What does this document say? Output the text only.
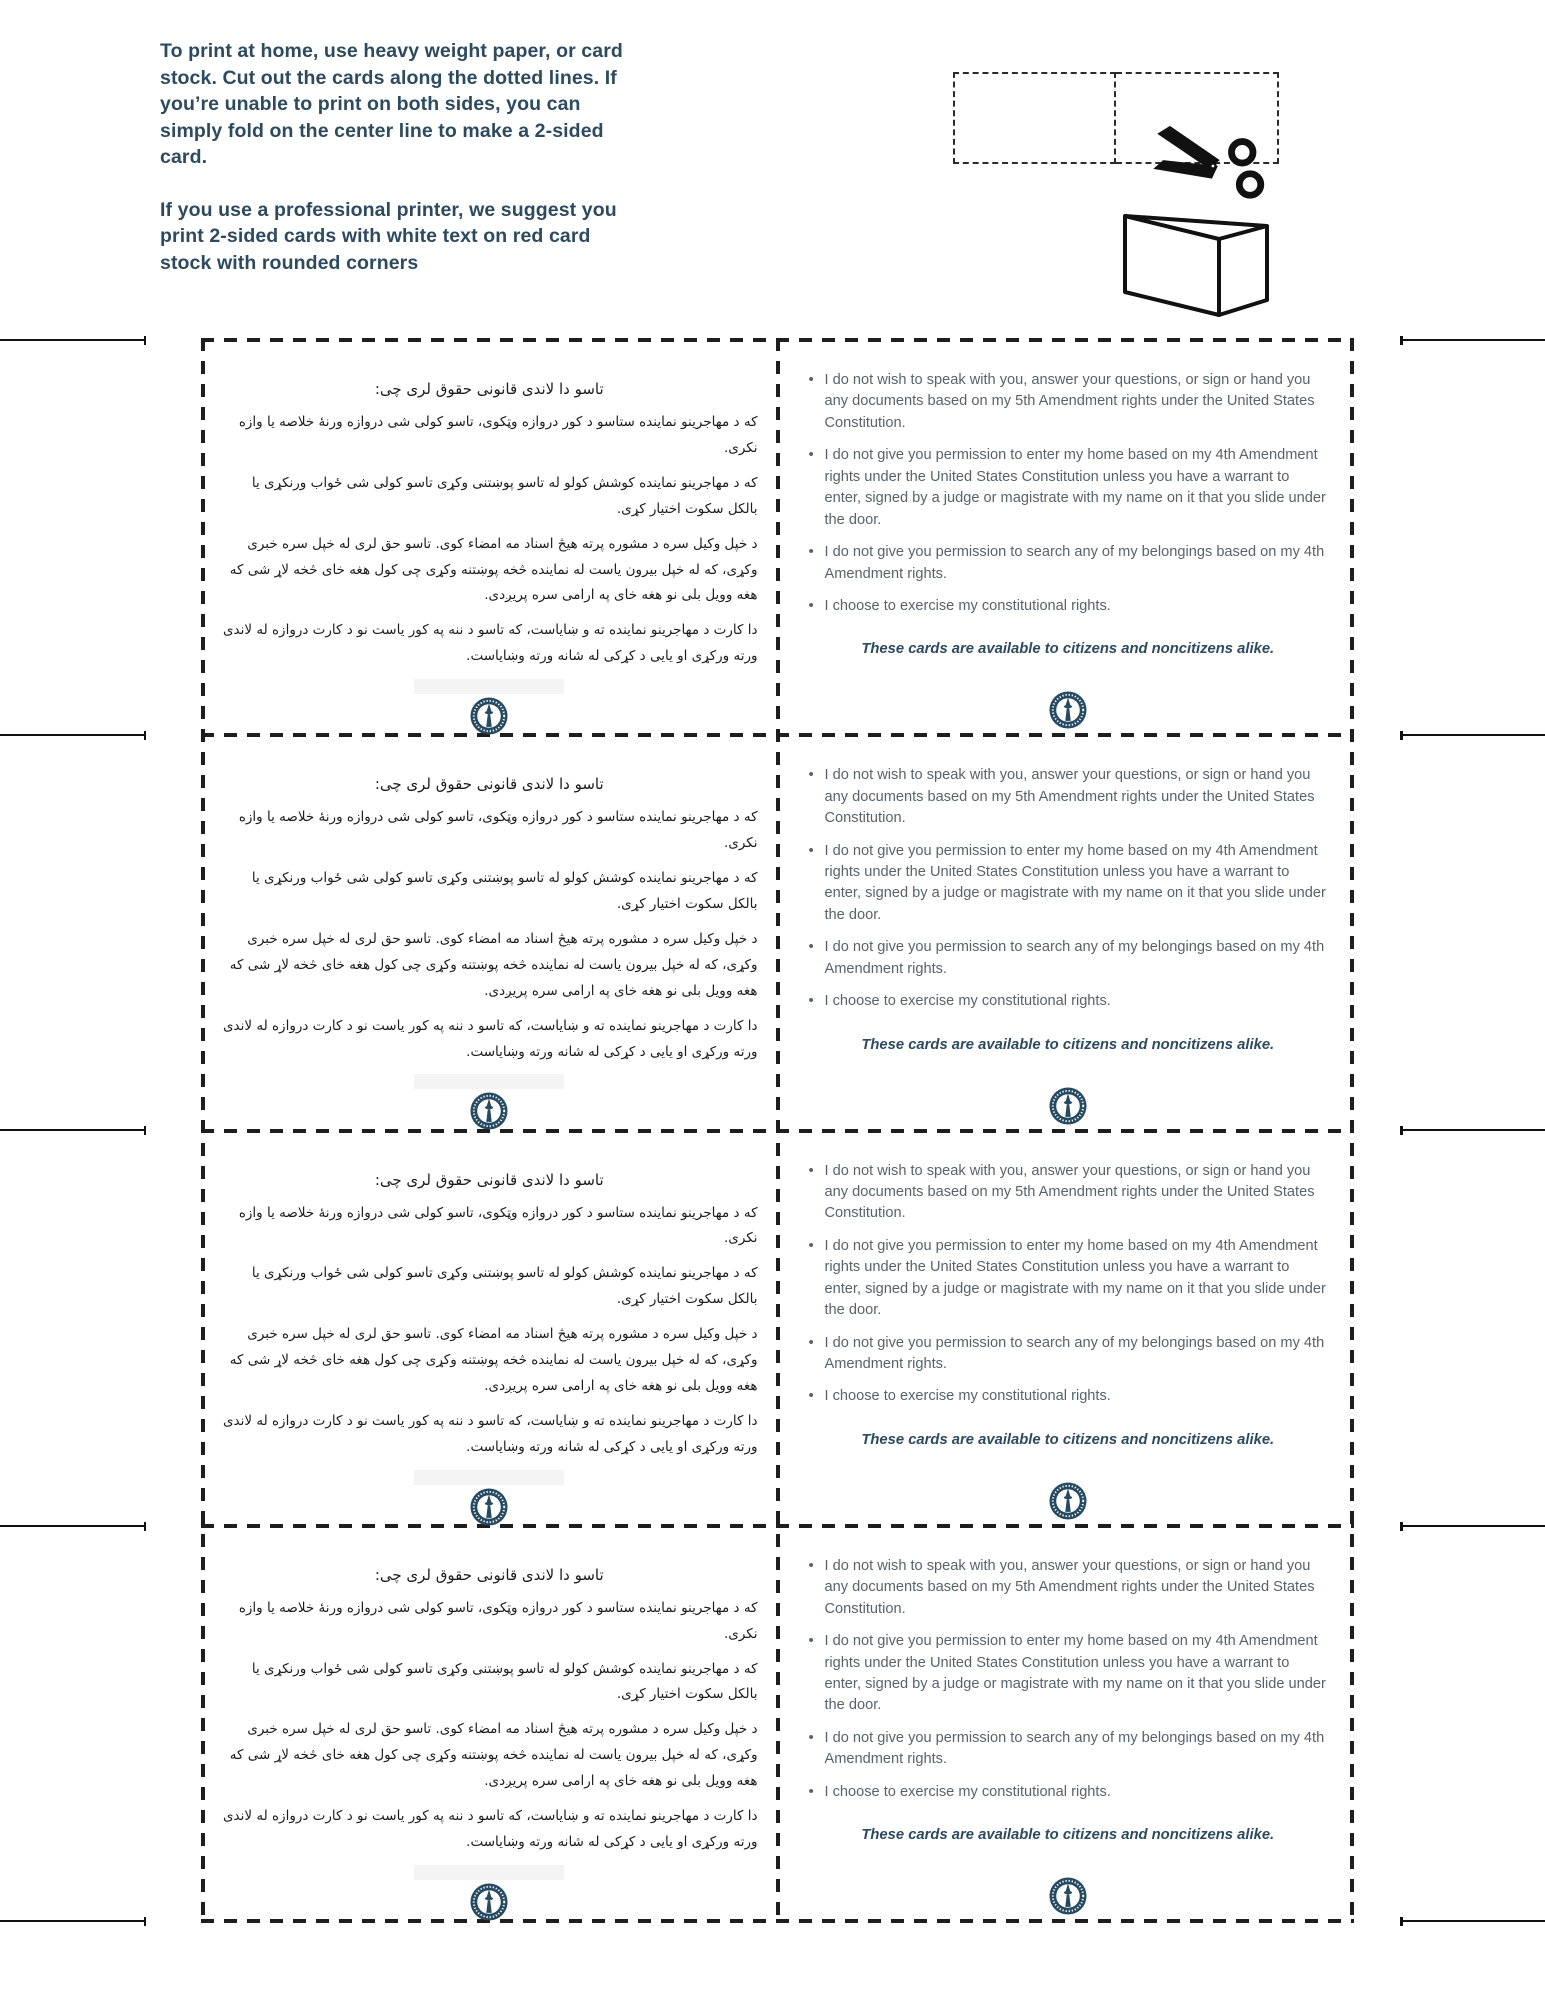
To print at home, use heavy weight paper, or card stock. Cut out the cards along the dotted lines. If you’re unable to print on both sides, you can simply fold on the center line to make a 2-sided card.

If you use a professional printer, we suggest you print 2-sided cards with white text on red card stock with rounded corners

تاسو دا لاندی قانونی حقوق لری چی:

که د مهاجرینو نماینده ستاسو د کور دروازه وټکوی، تاسو کولی شی دروازه ورنۀ خلاصه یا وازه نکری.

که د مهاجرینو نماینده کوشش کولو له تاسو پوښتنی وکړی تاسو کولی شی ځواب ورنکړی یا بالکل سکوت اختیار کړی.

د خپل وکیل سره د مشوره پرته هیڅ اسناد مه امضاء کوی. تاسو حق لری له خپل سره خبری وکړی، که له خپل بیرون یاست له نماینده څخه پوښتنه وکړی چی کول هغه خای څخه لاړ شی که هغه وویل بلی نو هغه خای په ارامی سره پریږدی.

دا کارت د مهاجرینو نماینده ته و ښایاست، که تاسو د ننه په کور یاست نو د کارت دروازه له لاندی ورته ورکړی او یایی د کړکی له شانه ورته وښایاست.

• I do not wish to speak with you, answer your questions, or sign or hand you any documents based on my 5th Amendment rights under the United States Constitution.
• I do not give you permission to enter my home based on my 4th Amendment rights under the United States Constitution unless you have a warrant to enter, signed by a judge or magistrate with my name on it that you slide under the door.
• I do not give you permission to search any of my belongings based on my 4th Amendment rights.
• I choose to exercise my constitutional rights.
These cards are available to citizens and noncitizens alike.
تاسو دا لاندی قانونی حقوق لری چی:

که د مهاجرینو نماینده ستاسو د کور دروازه وټکوی، تاسو کولی شی دروازه ورنۀ خلاصه یا وازه نکری.

که د مهاجرینو نماینده کوشش کولو له تاسو پوښتنی وکړی تاسو کولی شی ځواب ورنکړی یا بالکل سکوت اختیار کړی.

د خپل وکیل سره د مشوره پرته هیڅ اسناد مه امضاء کوی. تاسو حق لری له خپل سره خبری وکړی، که له خپل بیرون یاست له نماینده څخه پوښتنه وکړی چی کول هغه خای څخه لاړ شی که هغه وویل بلی نو هغه خای په ارامی سره پریږدی.

دا کارت د مهاجرینو نماینده ته و ښایاست، که تاسو د ننه په کور یاست نو د کارت دروازه له لاندی ورته ورکړی او یایی د کړکی له شانه ورته وښایاست.

• I do not wish to speak with you, answer your questions, or sign or hand you any documents based on my 5th Amendment rights under the United States Constitution.
• I do not give you permission to enter my home based on my 4th Amendment rights under the United States Constitution unless you have a warrant to enter, signed by a judge or magistrate with my name on it that you slide under the door.
• I do not give you permission to search any of my belongings based on my 4th Amendment rights.
• I choose to exercise my constitutional rights.
These cards are available to citizens and noncitizens alike.
تاسو دا لاندی قانونی حقوق لری چی:

که د مهاجرینو نماینده ستاسو د کور دروازه وټکوی، تاسو کولی شی دروازه ورنۀ خلاصه یا وازه نکری.

که د مهاجرینو نماینده کوشش کولو له تاسو پوښتنی وکړی تاسو کولی شی ځواب ورنکړی یا بالکل سکوت اختیار کړی.

د خپل وکیل سره د مشوره پرته هیڅ اسناد مه امضاء کوی. تاسو حق لری له خپل سره خبری وکړی، که له خپل بیرون یاست له نماینده څخه پوښتنه وکړی چی کول هغه خای څخه لاړ شی که هغه وویل بلی نو هغه خای په ارامی سره پریږدی.

دا کارت د مهاجرینو نماینده ته و ښایاست، که تاسو د ننه په کور یاست نو د کارت دروازه له لاندی ورته ورکړی او یایی د کړکی له شانه ورته وښایاست.

• I do not wish to speak with you, answer your questions, or sign or hand you any documents based on my 5th Amendment rights under the United States Constitution.
• I do not give you permission to enter my home based on my 4th Amendment rights under the United States Constitution unless you have a warrant to enter, signed by a judge or magistrate with my name on it that you slide under the door.
• I do not give you permission to search any of my belongings based on my 4th Amendment rights.
• I choose to exercise my constitutional rights.
These cards are available to citizens and noncitizens alike.
تاسو دا لاندی قانونی حقوق لری چی:

که د مهاجرینو نماینده ستاسو د کور دروازه وټکوی، تاسو کولی شی دروازه ورنۀ خلاصه یا وازه نکری.

که د مهاجرینو نماینده کوشش کولو له تاسو پوښتنی وکړی تاسو کولی شی ځواب ورنکړی یا بالکل سکوت اختیار کړی.

د خپل وکیل سره د مشوره پرته هیڅ اسناد مه امضاء کوی. تاسو حق لری له خپل سره خبری وکړی، که له خپل بیرون یاست له نماینده څخه پوښتنه وکړی چی کول هغه خای څخه لاړ شی که هغه وویل بلی نو هغه خای په ارامی سره پریږدی.

دا کارت د مهاجرینو نماینده ته و ښایاست، که تاسو د ننه په کور یاست نو د کارت دروازه له لاندی ورته ورکړی او یایی د کړکی له شانه ورته وښایاست.

• I do not wish to speak with you, answer your questions, or sign or hand you any documents based on my 5th Amendment rights under the United States Constitution.
• I do not give you permission to enter my home based on my 4th Amendment rights under the United States Constitution unless you have a warrant to enter, signed by a judge or magistrate with my name on it that you slide under the door.
• I do not give you permission to search any of my belongings based on my 4th Amendment rights.
• I choose to exercise my constitutional rights.
These cards are available to citizens and noncitizens alike.
